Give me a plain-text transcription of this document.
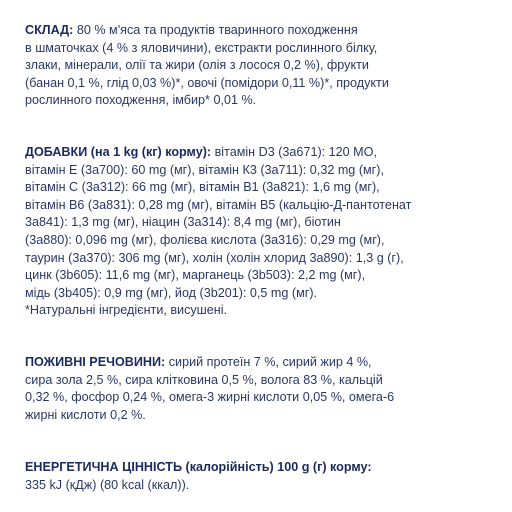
СКЛАД: 80 % м'яса та продуктів тваринного походження
в шматочках (4 % з яловичини), екстракти рослинного білку,
злаки, мінерали, олії та жири (олія з лосося 0,2 %), фрукти
(банан 0,1 %, глід 0,03 %)*, овочі (помідори 0,11 %)*, продукти
рослинного походження, імбир* 0,01 %.

ДОБАВКИ (на 1 kg (кг) корму): вітамін D3 (3а671): 120 МО,
вітамін Е (3а700): 60 mg (мг), вітамін К3 (3а711): 0,32 mg (мг),
вітамін С (3а312): 66 mg (мг), вітамін В1 (3а821): 1,6 mg (мг),
вітамін В6 (3а831): 0,28 mg (мг), вітамін В5 (кальцію-Д-пантотенат
3а841): 1,3 mg (мг), ніацин (3а314): 8,4 mg (мг), біотин
(3а880): 0,096 mg (мг), фолієва кислота (3а316): 0,29 mg (мг),
таурин (3а370): 306 mg (мг), холін (холін хлорид 3а890): 1,3 g (г),
цинк (3b605): 11,6 mg (мг), марганець (3b503): 2,2 mg (мг),
мідь (3b405): 0,9 mg (мг), йод (3b201): 0,5 mg (мг).
*Натуральні інгредієнти, висушені.

ПОЖИВНІ РЕЧОВИНИ: сирий протеїн 7 %, сирий жир 4 %,
сира зола 2,5 %, сира клітковина 0,5 %, волога 83 %, кальцій
0,32 %, фосфор 0,24 %, омега-3 жирні кислоти 0,05 %, омега-6
жирні кислоти 0,2 %.

ЕНЕРГЕТИЧНА ЦІННІСТЬ (калорійність) 100 g (г) корму:
335 kJ (кДж) (80 kcal (ккал)).
